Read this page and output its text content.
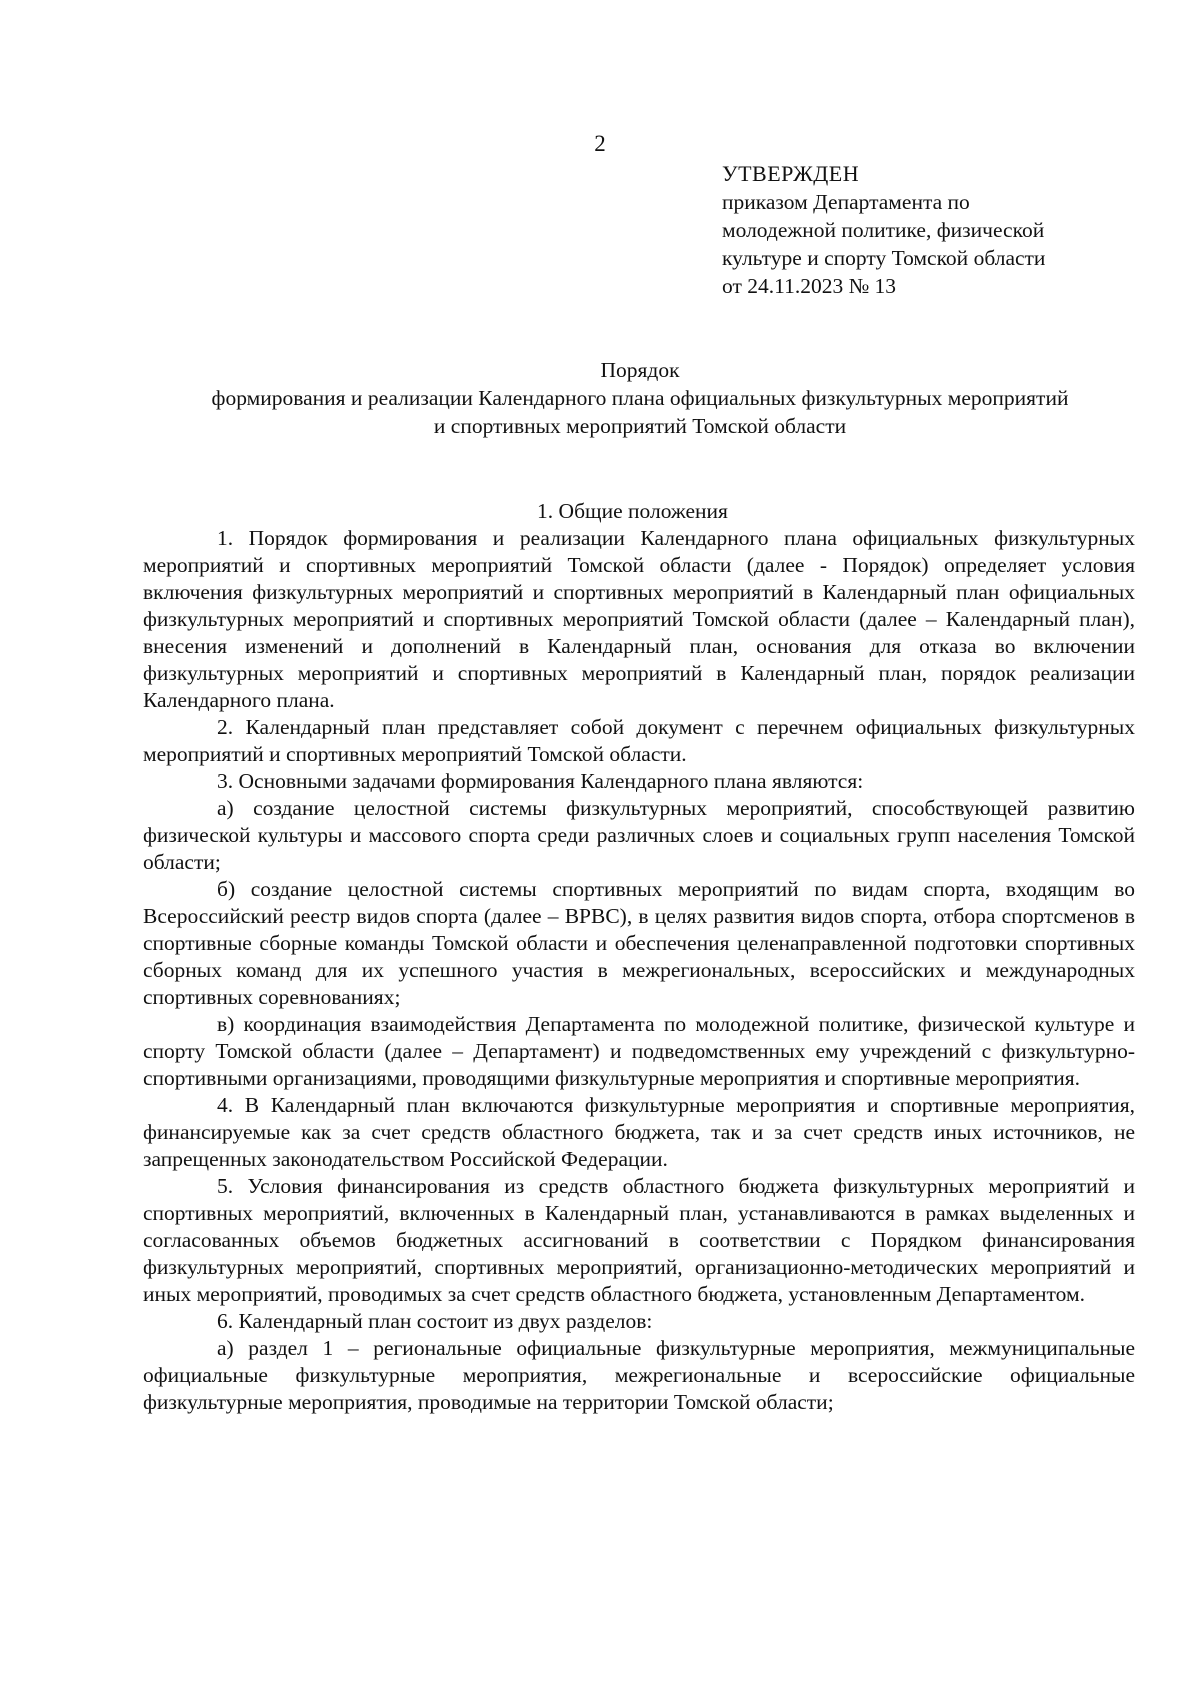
2
УТВЕРЖДЕН
приказом Департамента по
молодежной политике, физической
культуре и спорту Томской области
от 24.11.2023 № 13
Порядок
формирования и реализации Календарного плана официальных физкультурных мероприятий
и спортивных мероприятий Томской области
1. Общие положения

1. Порядок формирования и реализации Календарного плана официальных физкультурных мероприятий и спортивных мероприятий Томской области (далее - Порядок) определяет условия включения физкультурных мероприятий и спортивных мероприятий в Календарный план официальных физкультурных мероприятий и спортивных мероприятий Томской области (далее – Календарный план), внесения изменений и дополнений в Календарный план, основания для отказа во включении физкультурных мероприятий и спортивных мероприятий в Календарный план, порядок реализации Календарного плана.

2. Календарный план представляет собой документ с перечнем официальных физкультурных мероприятий и спортивных мероприятий Томской области.

3. Основными задачами формирования Календарного плана являются:

а) создание целостной системы физкультурных мероприятий, способствующей развитию физической культуры и массового спорта среди различных слоев и социальных групп населения Томской области;

б) создание целостной системы спортивных мероприятий по видам спорта, входящим во Всероссийский реестр видов спорта (далее – ВРВС), в целях развития видов спорта, отбора спортсменов в спортивные сборные команды Томской области и обеспечения целенаправленной подготовки спортивных сборных команд для их успешного участия в межрегиональных, всероссийских и международных спортивных соревнованиях;

в) координация взаимодействия Департамента по молодежной политике, физической культуре и спорту Томской области (далее – Департамент) и подведомственных ему учреждений с физкультурно-спортивными организациями, проводящими физкультурные мероприятия и спортивные мероприятия.

4. В Календарный план включаются физкультурные мероприятия и спортивные мероприятия, финансируемые как за счет средств областного бюджета, так и за счет средств иных источников, не запрещенных законодательством Российской Федерации.

5. Условия финансирования из средств областного бюджета физкультурных мероприятий и спортивных мероприятий, включенных в Календарный план, устанавливаются в рамках выделенных и согласованных объемов бюджетных ассигнований в соответствии с Порядком финансирования физкультурных мероприятий, спортивных мероприятий, организационно-методических мероприятий и иных мероприятий, проводимых за счет средств областного бюджета, установленным Департаментом.

6. Календарный план состоит из двух разделов:

а) раздел 1 – региональные официальные физкультурные мероприятия, межмуниципальные официальные физкультурные мероприятия, межрегиональные и всероссийские официальные физкультурные мероприятия, проводимые на территории Томской области;
